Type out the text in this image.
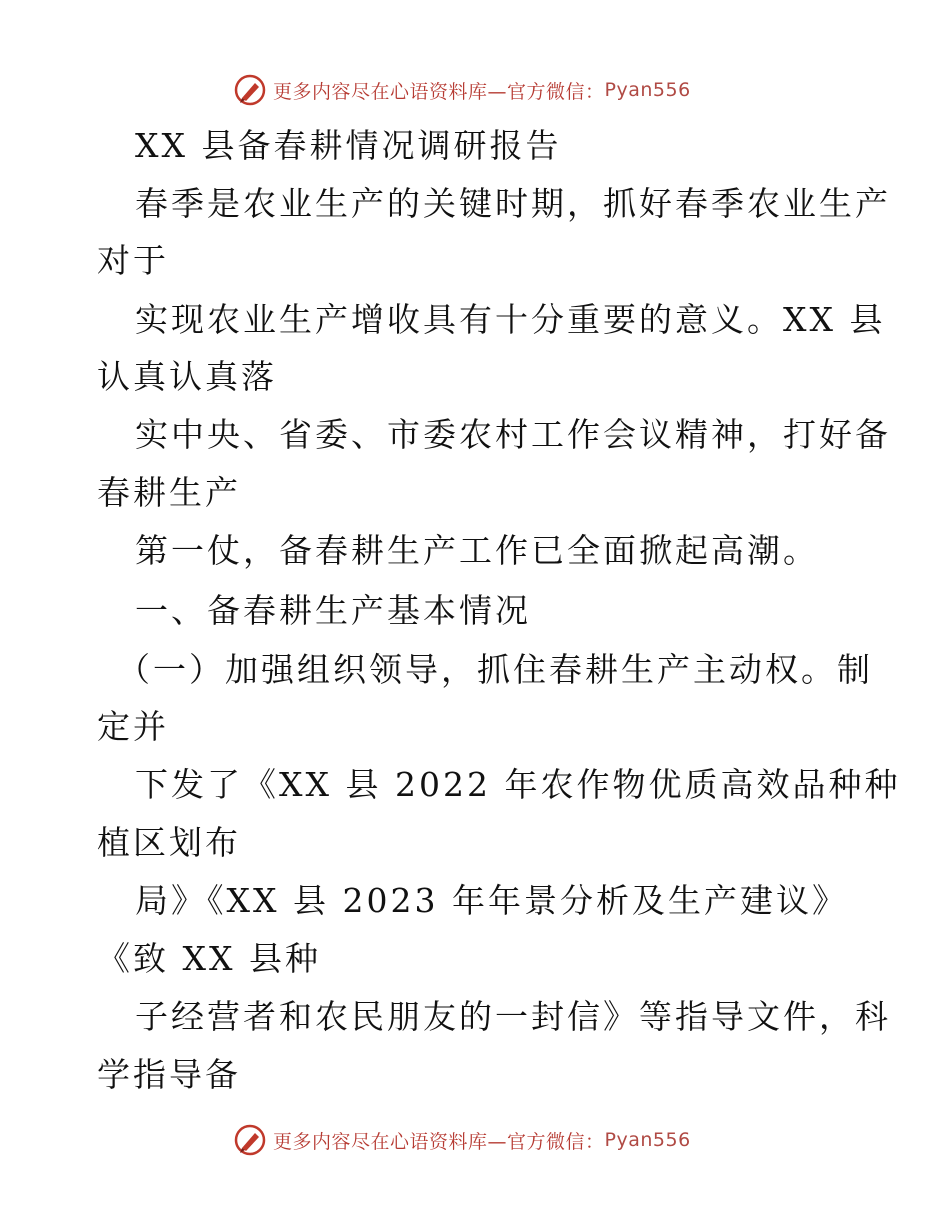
更多内容尽在心语资料库—官方微信： Pyan556
XX 县备春耕情况调研报告
春季是农业生产的关键时期，抓好春季农业生产
对于
实现农业生产增收具有十分重要的意义。XX 县
认真认真落
实中央、省委、市委农村工作会议精神，打好备
春耕生产
第一仗，备春耕生产工作已全面掀起高潮。
一、备春耕生产基本情况
（一）加强组织领导，抓住春耕生产主动权。制
定并
下发了《XX 县 2022 年农作物优质高效品种种
植区划布
局》《XX 县 2023 年年景分析及生产建议》
《致 XX 县种
子经营者和农民朋友的一封信》等指导文件，科
学指导备
更多内容尽在心语资料库—官方微信： Pyan556
